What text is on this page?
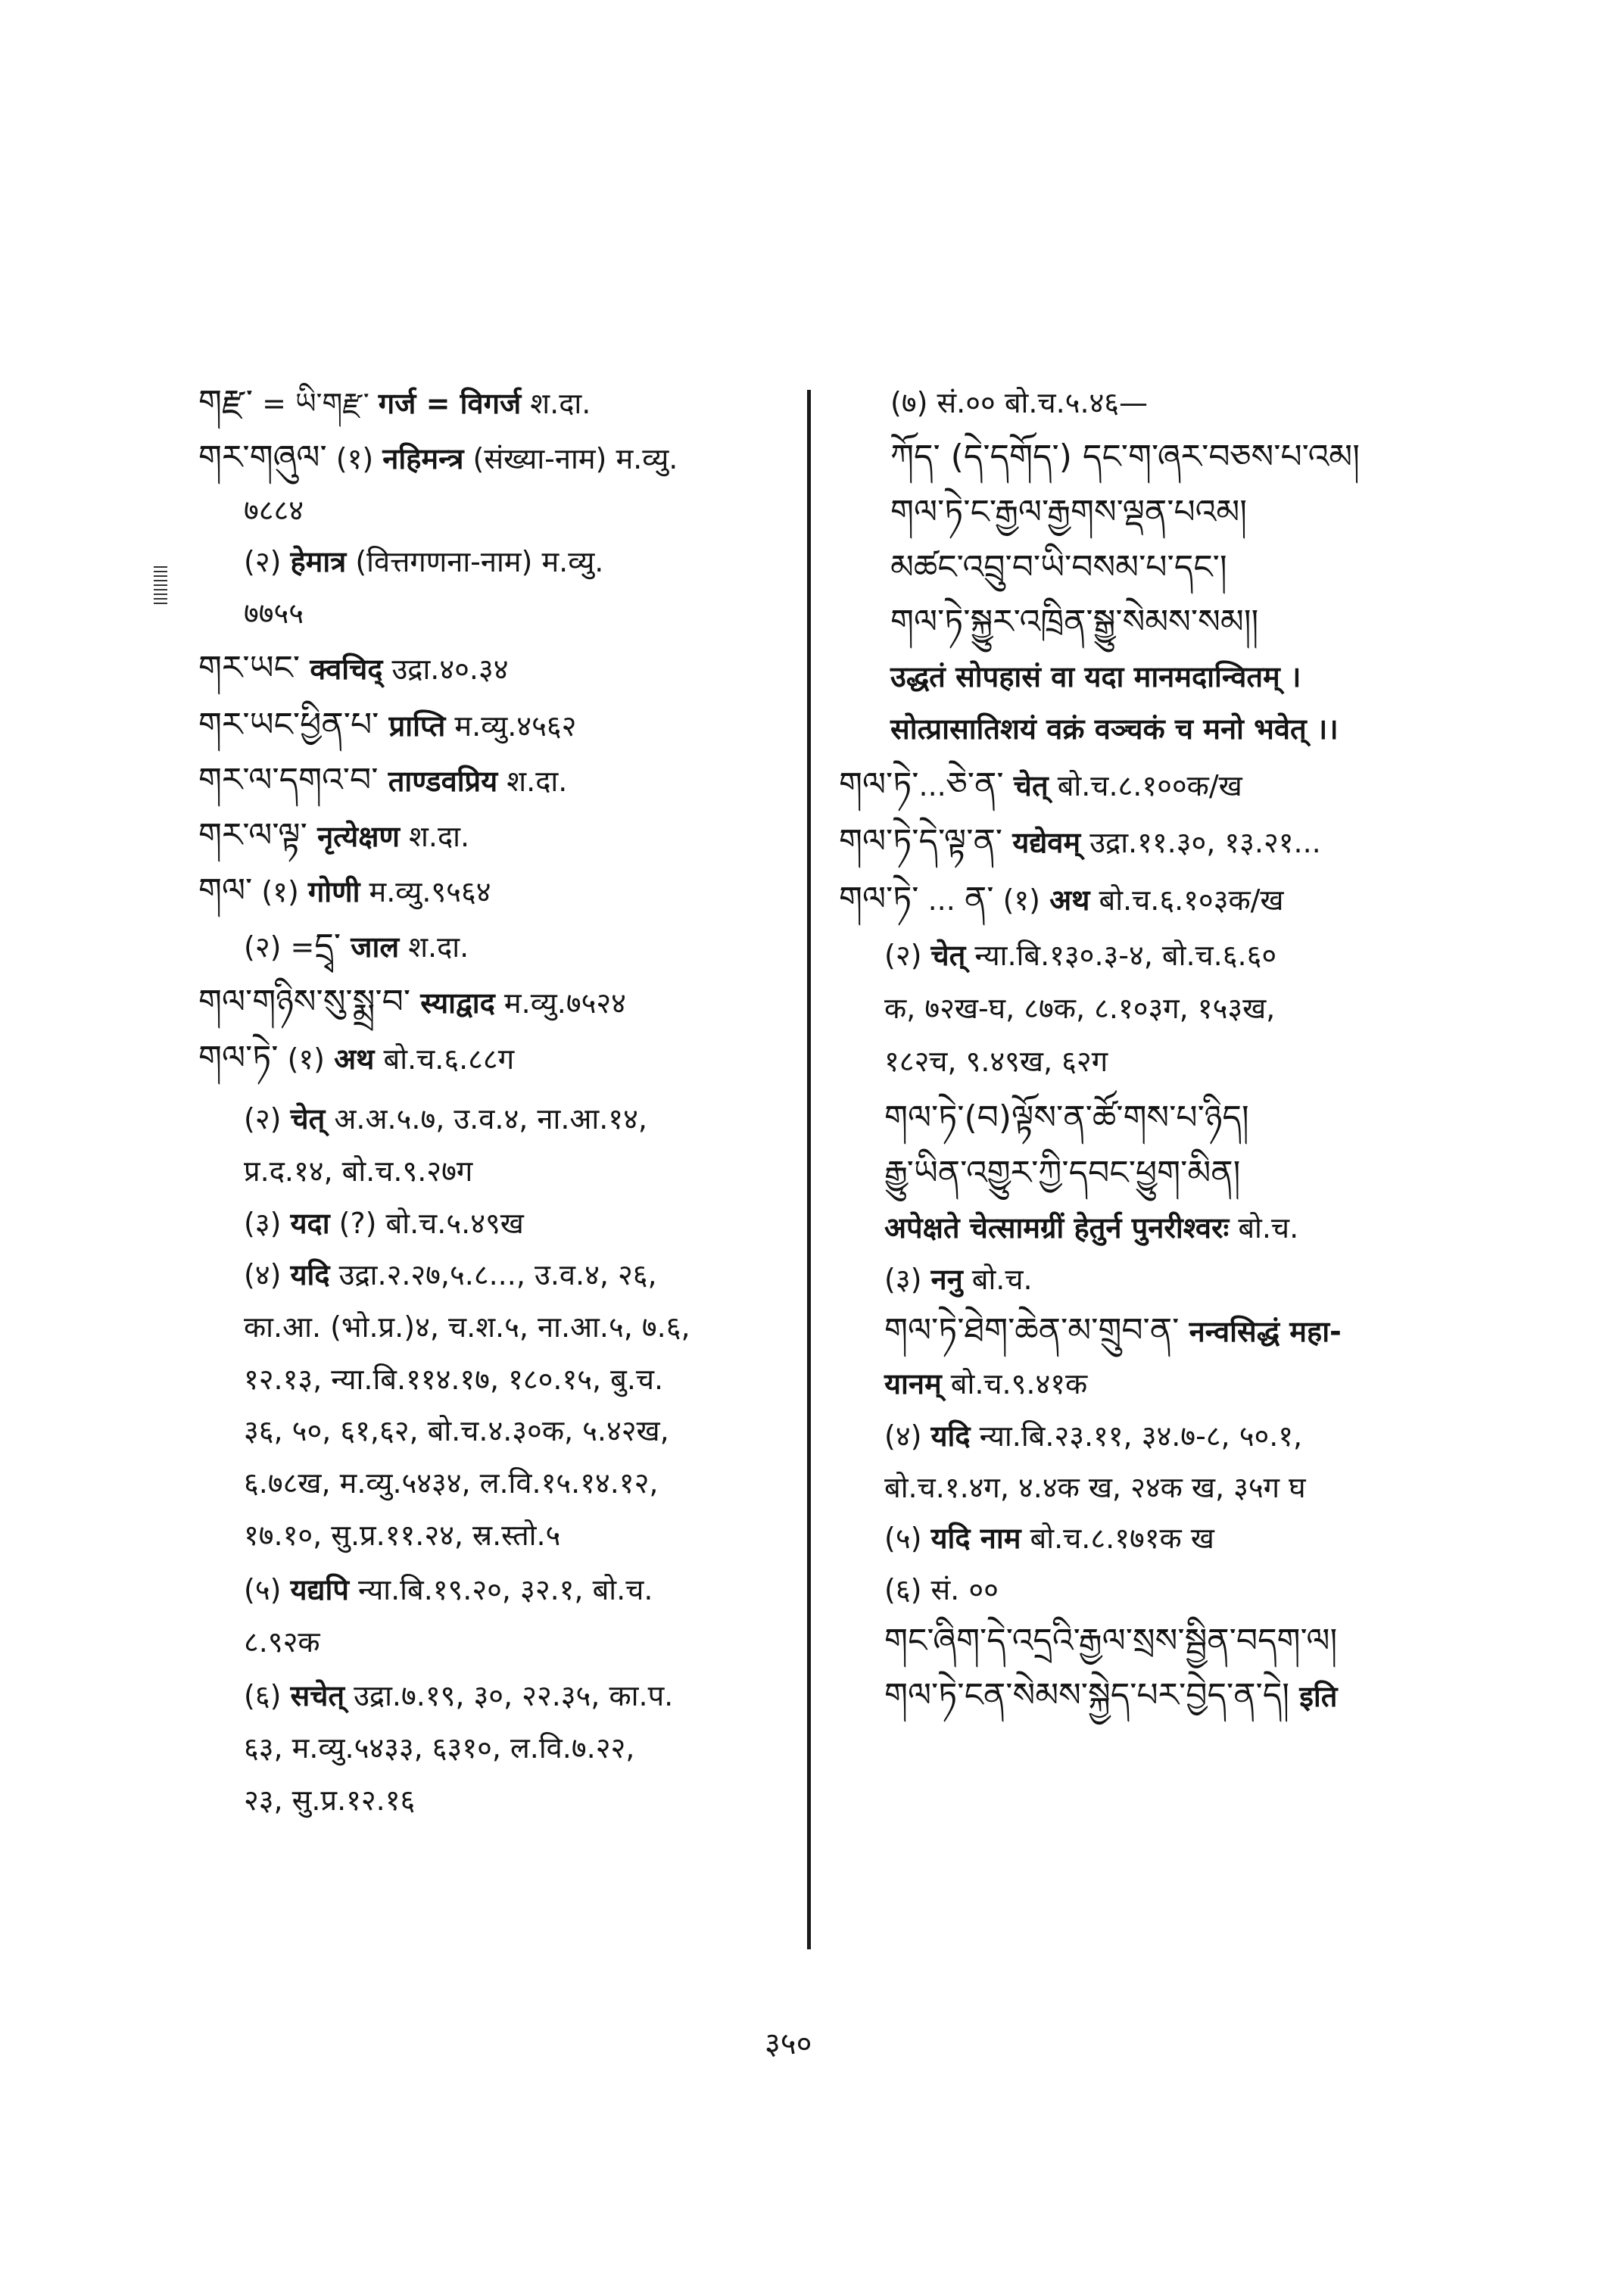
གརྫ་ = ཡི་གརྫ་ गर्ज = विगर्ज श.दा.
གར་གཞུལ་ (१) नहिमन्त्र (संख्या-नाम) म.व्यु.
७८८४
(२) हेमात्र (वित्तगणना-नाम) म.व्यु.
७७५५
གར་ཡང་ क्वचिद् उद्रा.४०.३४
གར་ཡང་ཕྱིན་པ་ प्राप्ति म.व्यु.४५६२
གར་ལ་དགའ་བ་ ताण्डवप्रिय श.दा.
གར་ལ་ལྟ་ नृत्येक्षण श.दा.
གལ་ (१) गोणी म.व्यु.९५६४
(२) =དྲྭ་ जाल श.दा.
གལ་གཉིས་སུ་སྨྲ་བ་ स्याद्वाद म.व्यु.७५२४
གལ་ཏེ་ (१) अथ बो.च.६.८८ग
(२) चेत् अ.अ.५.७, उ.व.४, ना.आ.१४,
प्र.द.१४, बो.च.९.२७ग
(३) यदा (?) बो.च.५.४९ख
(४) यदि उद्रा.२.२७,५.८..., उ.व.४, २६,
का.आ. (भो.प्र.)४, च.श.५, ना.आ.५, ७.६,
१२.१३, न्या.बि.११४.१७, १८०.१५, बु.च.
३६, ५०, ६१,६२, बो.च.४.३०क, ५.४२ख,
६.७८ख, म.व्यु.५४३४, ल.वि.१५.१४.१२,
१७.१०, सु.प्र.११.२४, स्र.स्तो.५
(५) यद्यपि न्या.बि.१९.२०, ३२.१, बो.च.
८.९२क
(६) सचेत् उद्रा.७.१९, ३०, २२.३५, का.प.
६३, म.व्यु.५४३३, ६३१०, ल.वि.७.२२,
२३, सु.प्र.१२.१६
(७) सं.०० बो.च.५.४६—
ཀོད་ (དེ་དགོད་) དང་ག་ཞར་བཅས་པ་འམ།
གལ་ཏེ་ང་རྒྱལ་རྒྱགས་ལྡན་པའམ།
མཚང་འབྲུ་བ་ཡི་བསམ་པ་དང་།
གལ་ཏེ་སྐྱུར་འཁྲིན་སྒྱུ་སེམས་སམ།།
उद्धतं सोपहासं वा यदा मानमदान्वितम् ।
सोत्प्रासातिशयं वक्रं वञ्चकं च मनो भवेत् ।।
གལ་ཏེ་...ཅེ་ན་ चेत् बो.च.८.१००क/ख
གལ་ཏེ་དེ་ལྟ་ན་ यद्येवम् उद्रा.११.३०, १३.२१...
གལ་ཏེ་ ... ན་ (१) अथ बो.च.६.१०३क/ख
(२) चेत् न्या.बि.१३०.३-४, बो.च.६.६०
क, ७२ख-घ, ८७क, ८.१०३ग, १५३ख,
१८२च, ९.४९ख, ६२ग
གལ་ཏེ་(བ)ལྟོས་ན་ཚོ་གས་པ་ཉིད།
རྒྱུ་ཡིན་འགྱུར་ཀྱི་དབང་ཕྱུག་མིན།
अपेक्षते चेत्सामग्रीं हेतुर्न पुनरीश्वरः बो.च.
(३) ननु बो.च.
གལ་ཏེ་ཐེག་ཆེན་མ་གྲུབ་ན་ नन्वसिद्धं महा-
यानम् बो.च.९.४१क
(४) यदि न्या.बि.२३.११, ३४.७-८, ५०.१,
बो.च.१.४ग, ४.४क ख, २४क ख, ३५ग घ
(५) यदि नाम बो.च.८.१७१क ख
(६) सं. ००
གང་ཞིག་དེ་འདྲའི་རྒྱལ་སྲས་སྦྱིན་བདག་ལ།
གལ་ཏེ་ངན་སེམས་སྐྱེད་པར་བྱེད་ན་དེ། इति
३५०
